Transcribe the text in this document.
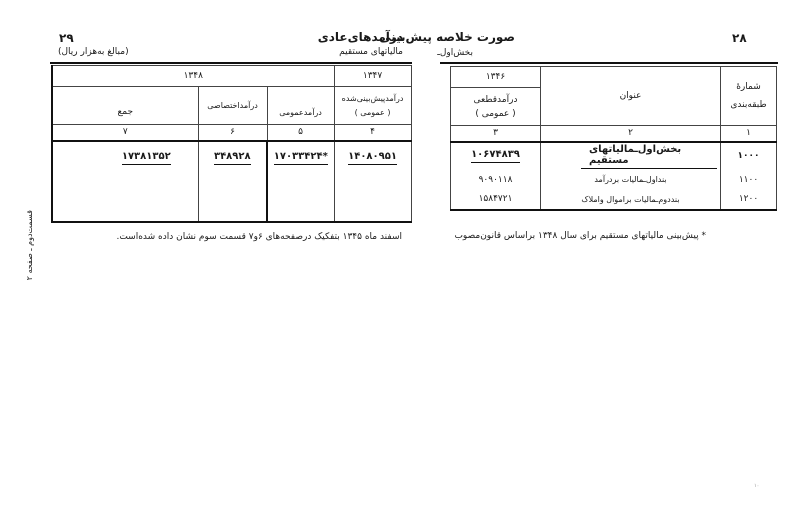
۲۸
صورت خلاصه پیش‌بینی
بخش‌اول‌ـ
شمارهٔ طبقه‌بندی	عنوان	۱۳۴۶

		درآمدقطعی
( عمومی )

۱	۲	۳
۱۰۰۰	بخش‌اول‌ـمالیاتهای مستقیم	۱۰۶۷۴۸۳۹
۱۱۰۰	بنداول‌ـمالیات بردرآمد	۹۰۹۰۱۱۸
۱۲۰۰	بنددوم‌ـمالیات براموال واملاک	۱۵۸۴۷۲۱
* پیش‌بینی مالیاتهای مستقیم برای سال ۱۳۴۸ براساس قانون‌مصوب
۲۹	درآمدهای‌عادی
مالیاتهای مستقیم
(مبالغ به‌هزار ریال)
۱۳۴۷	۱۳۴۸		

درآمدپیش‌بینی‌شده
( عمومی )	درآمدعمومی	درآمداختصاصی	جمع
۴	۵	۶	۷
۱۴۰۸۰۹۵۱	*۱۷۰۳۳۴۲۴	۳۴۸۹۲۸	۱۷۳۸۱۳۵۲
اسفند ماه ۱۳۴۵ بتفکیک درصفحه‌های ۶و۷ قسمت سوم نشان داده شده‌است.
قسمت‌دوم ـ صفحه ۲
۱۰
